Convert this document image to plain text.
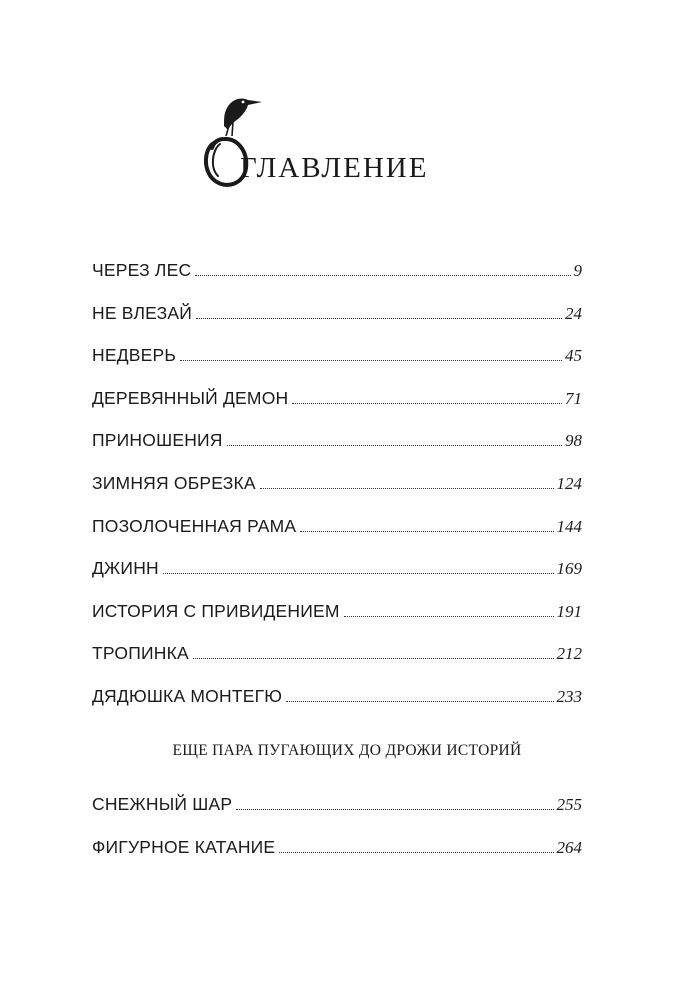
главление
ЧЕРЕЗ ЛЕС	9
НЕ ВЛЕЗАЙ	24
НЕДВЕРЬ	45
ДЕРЕВЯННЫЙ ДЕМОН	71
ПРИНОШЕНИЯ	98
ЗИМНЯЯ ОБРЕЗКА	124
ПОЗОЛОЧЕННАЯ РАМА	144
ДЖИНН	169
ИСТОРИЯ С ПРИВИДЕНИЕМ	191
ТРОПИНКА	212
ДЯДЮШКА МОНТЕГЮ	233
ЕЩЕ ПАРА ПУГАЮЩИХ ДО ДРОЖИ ИСТОРИЙ
СНЕЖНЫЙ ШАР	255
ФИГУРНОЕ КАТАНИЕ	264
